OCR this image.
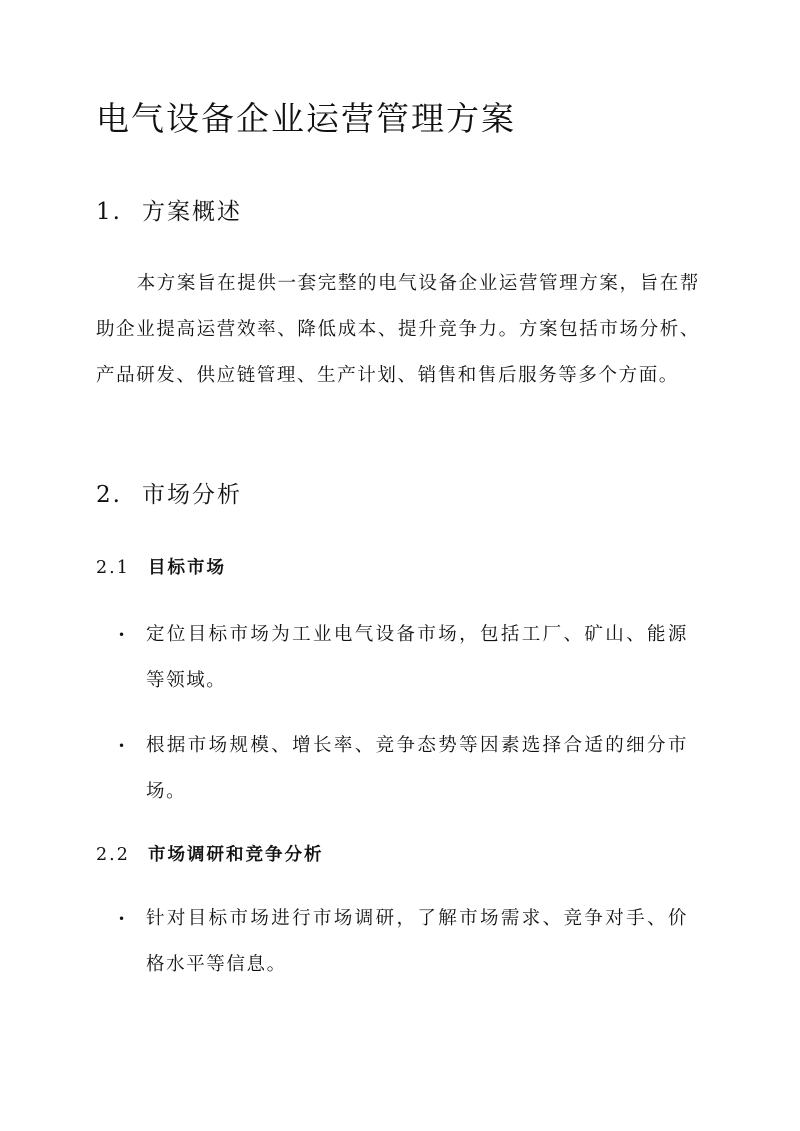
电气设备企业运营管理方案
1. 方案概述

本方案旨在提供一套完整的电气设备企业运营管理方案，旨在帮助企业提高运营效率、降低成本、提升竞争力。方案包括市场分析、产品研发、供应链管理、生产计划、销售和售后服务等多个方面。

2. 市场分析
2.1 目标市场
•	定位目标市场为工业电气设备市场，包括工厂、矿山、能源等领域。
•	根据市场规模、增长率、竞争态势等因素选择合适的细分市场。
2.2 市场调研和竞争分析
•	针对目标市场进行市场调研，了解市场需求、竞争对手、价格水平等信息。
